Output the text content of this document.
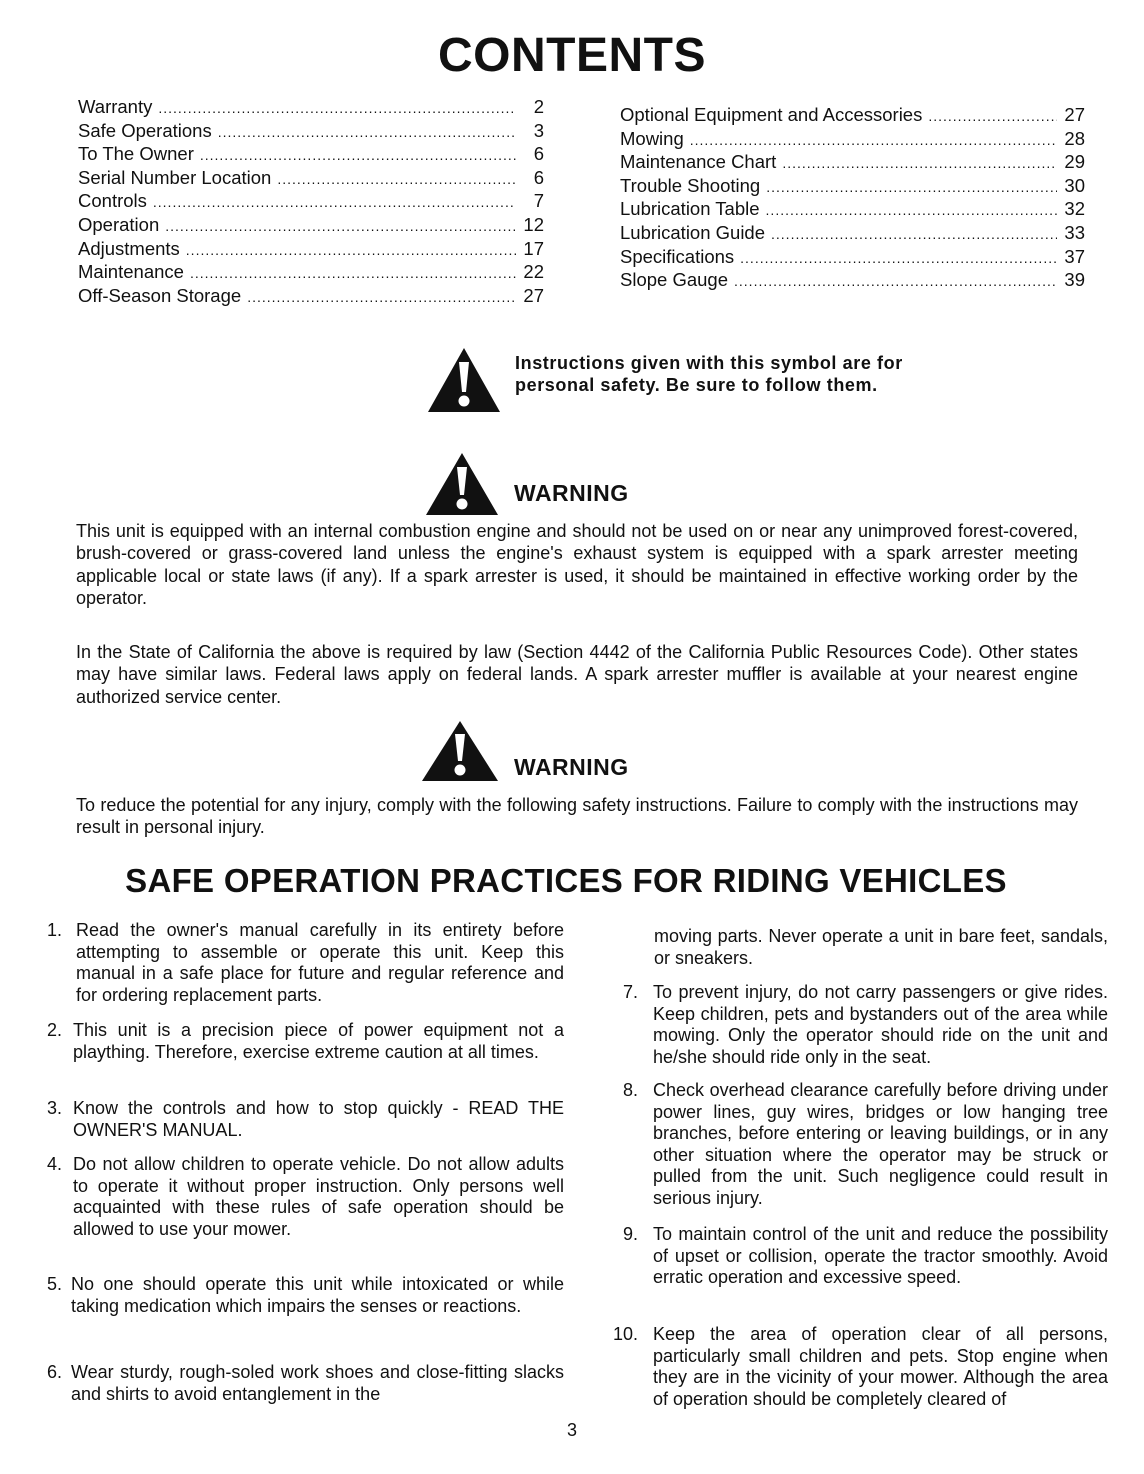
CONTENTS
Warranty .....	2
Safe Operations .....	3
To The Owner .....	6
Serial Number Location .....	6
Controls .....	7
Operation .....	12
Adjustments .....	17
Maintenance .....	22
Off-Season Storage .....	27
Optional Equipment and Accessories .....	27
Mowing .....	28
Maintenance Chart .....	29
Trouble Shooting .....	30
Lubrication Table .....	32
Lubrication Guide .....	33
Specifications .....	37
Slope Gauge .....	39
Instructions given with this symbol are for personal safety. Be sure to follow them.
WARNING
This unit is equipped with an internal combustion engine and should not be used on or near any unimproved forest-covered, brush-covered or grass-covered land unless the engine's exhaust system is equipped with a spark arrester meeting applicable local or state laws (if any). If a spark arrester is used, it should be maintained in effective working order by the operator.
In the State of California the above is required by law (Section 4442 of the California Public Resources Code). Other states may have similar laws. Federal laws apply on federal lands. A spark arrester muffler is available at your nearest engine authorized service center.
WARNING
To reduce the potential for any injury, comply with the following safety instructions. Failure to comply with the instructions may result in personal injury.
SAFE OPERATION PRACTICES FOR RIDING VEHICLES
1. Read the owner's manual carefully in its entirety before attempting to assemble or operate this unit. Keep this manual in a safe place for future and regular reference and for ordering replacement parts.
2. This unit is a precision piece of power equipment not a plaything. Therefore, exercise extreme caution at all times.
3. Know the controls and how to stop quickly - READ THE OWNER'S MANUAL.
4. Do not allow children to operate vehicle. Do not allow adults to operate it without proper instruction. Only persons well acquainted with these rules of safe operation should be allowed to use your mower.
5. No one should operate this unit while intoxicated or while taking medication which impairs the senses or reactions.
6. Wear sturdy, rough-soled work shoes and close-fitting slacks and shirts to avoid entanglement in the
moving parts. Never operate a unit in bare feet, sandals, or sneakers.
7. To prevent injury, do not carry passengers or give rides. Keep children, pets and bystanders out of the area while mowing. Only the operator should ride on the unit and he/she should ride only in the seat.
8. Check overhead clearance carefully before driving under power lines, guy wires, bridges or low hanging tree branches, before entering or leaving buildings, or in any other situation where the operator may be struck or pulled from the unit. Such negligence could result in serious injury.
9. To maintain control of the unit and reduce the possibility of upset or collision, operate the tractor smoothly. Avoid erratic operation and excessive speed.
10. Keep the area of operation clear of all persons, particularly small children and pets. Stop engine when they are in the vicinity of your mower. Although the area of operation should be completely cleared of
3
